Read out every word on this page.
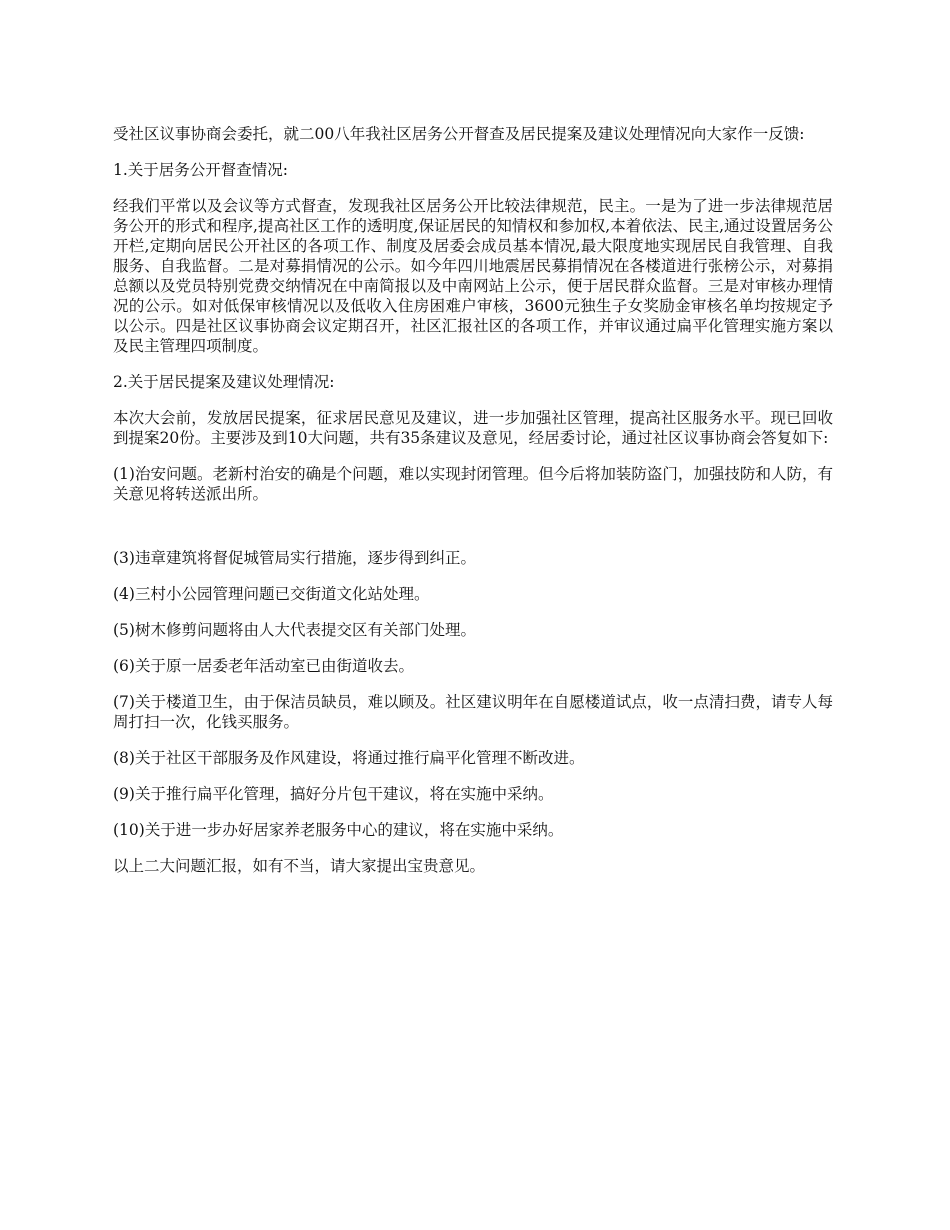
受社区议事协商会委托，就二00八年我社区居务公开督查及居民提案及建议处理情况向大家作一反馈:

1.关于居务公开督查情况:

经我们平常以及会议等方式督查，发现我社区居务公开比较法律规范，民主。一是为了进一步法律规范居务公开的形式和程序,提高社区工作的透明度,保证居民的知情权和参加权,本着依法、民主,通过设置居务公开栏,定期向居民公开社区的各项工作、制度及居委会成员基本情况,最大限度地实现居民自我管理、自我服务、自我监督。二是对募捐情况的公示。如今年四川地震居民募捐情况在各楼道进行张榜公示，对募捐总额以及党员特别党费交纳情况在中南简报以及中南网站上公示，便于居民群众监督。三是对审核办理情况的公示。如对低保审核情况以及低收入住房困难户审核，3600元独生子女奖励金审核名单均按规定予以公示。四是社区议事协商会议定期召开，社区汇报社区的各项工作，并审议通过扁平化管理实施方案以及民主管理四项制度。

2.关于居民提案及建议处理情况:

本次大会前，发放居民提案，征求居民意见及建议，进一步加强社区管理，提高社区服务水平。现已回收到提案20份。主要涉及到10大问题，共有35条建议及意见，经居委讨论，通过社区议事协商会答复如下:

(1)治安问题。老新村治安的确是个问题，难以实现封闭管理。但今后将加装防盗门，加强技防和人防，有关意见将转送派出所。

(3)违章建筑将督促城管局实行措施，逐步得到纠正。

(4)三村小公园管理问题已交街道文化站处理。

(5)树木修剪问题将由人大代表提交区有关部门处理。

(6)关于原一居委老年活动室已由街道收去。

(7)关于楼道卫生，由于保洁员缺员，难以顾及。社区建议明年在自愿楼道试点，收一点清扫费，请专人每周打扫一次，化钱买服务。

(8)关于社区干部服务及作风建设，将通过推行扁平化管理不断改进。

(9)关于推行扁平化管理，搞好分片包干建议，将在实施中采纳。

(10)关于进一步办好居家养老服务中心的建议，将在实施中采纳。

以上二大问题汇报，如有不当，请大家提出宝贵意见。
